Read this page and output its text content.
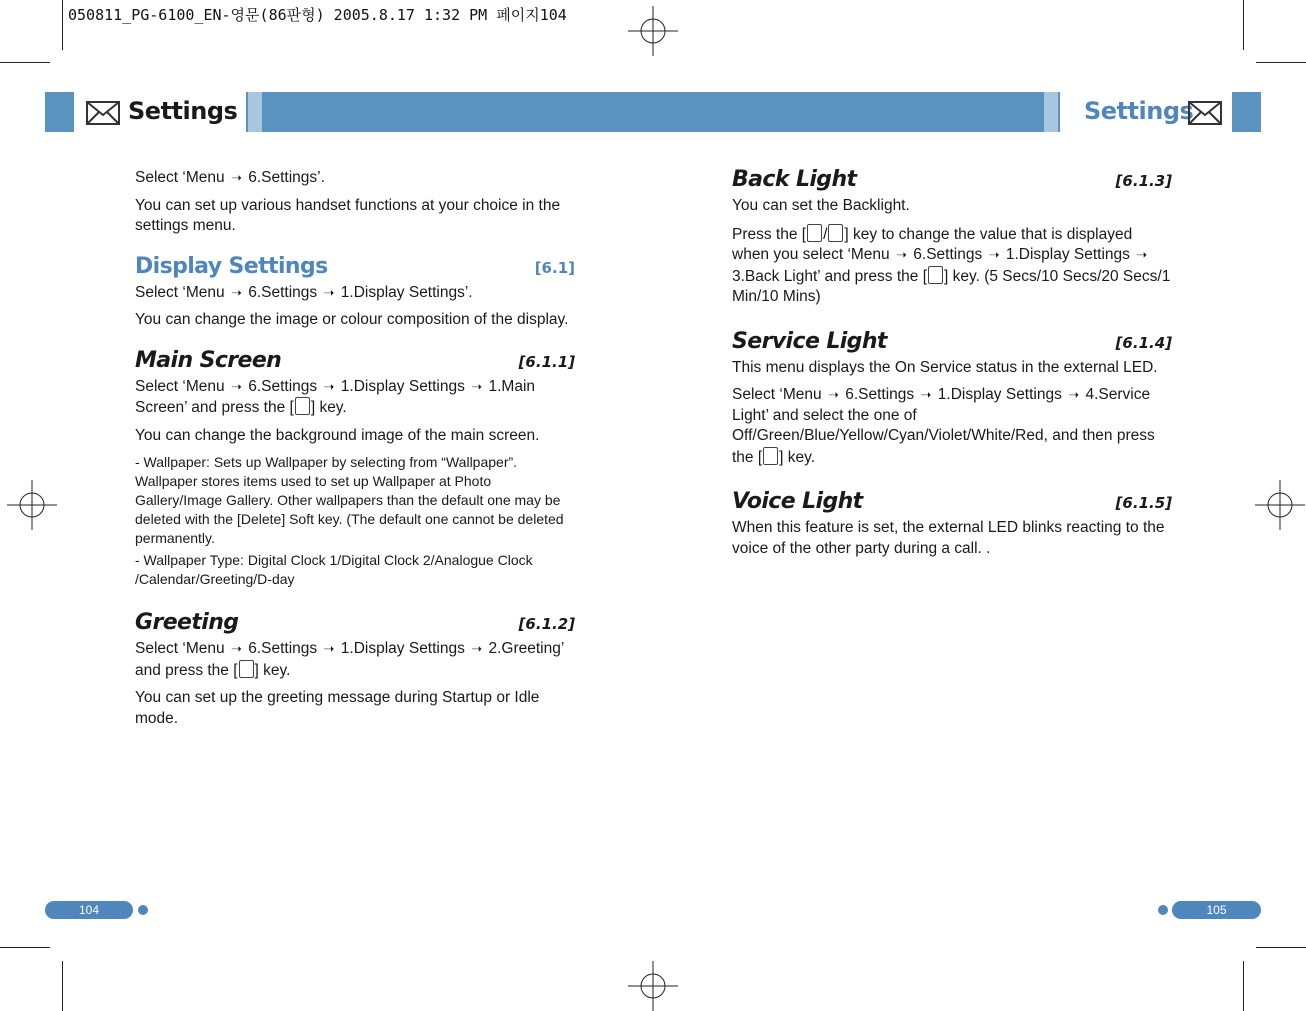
050811_PG-6100_EN-영문(86판형) 2005.8.17 1:32 PM 페이지104
Settings	Settings

Select ‘Menu ➝ 6.Settings’.

You can set up various handset functions at your choice in the settings menu.

Display Settings	[6.1]

Select ‘Menu ➝ 6.Settings ➝ 1.Display Settings’.

You can change the image or colour composition of the display.

Main Screen	[6.1.1]

Select ‘Menu ➝ 6.Settings ➝ 1.Display Settings ➝ 1.Main Screen’ and press the [ ] key.

You can change the background image of the main screen.

- Wallpaper: Sets up Wallpaper by selecting from “Wallpaper”. Wallpaper stores items used to set up Wallpaper at Photo Gallery/Image Gallery. Other wallpapers than the default one may be deleted with the [Delete] Soft key. (The default one cannot be deleted permanently.

- Wallpaper Type: Digital Clock 1/Digital Clock 2/Analogue Clock /Calendar/Greeting/D-day

Greeting	[6.1.2]

Select ‘Menu ➝ 6.Settings ➝ 1.Display Settings ➝ 2.Greeting’ and press the [ ] key.

You can set up the greeting message during Startup or Idle mode.

Back Light	[6.1.3]

You can set the Backlight.

Press the [ / ] key to change the value that is displayed when you select ‘Menu ➝ 6.Settings ➝ 1.Display Settings ➝ 3.Back Light’ and press the [ ] key. (5 Secs/10 Secs/20 Secs/1 Min/10 Mins)

Service Light	[6.1.4]

This menu displays the On Service status in the external LED.

Select ‘Menu ➝ 6.Settings ➝ 1.Display Settings ➝ 4.Service Light’ and select the one of Off/Green/Blue/Yellow/Cyan/Violet/White/Red, and then press the [ ] key.

Voice Light	[6.1.5]

When this feature is set, the external LED blinks reacting to the voice of the other party during a call. .

104	105
